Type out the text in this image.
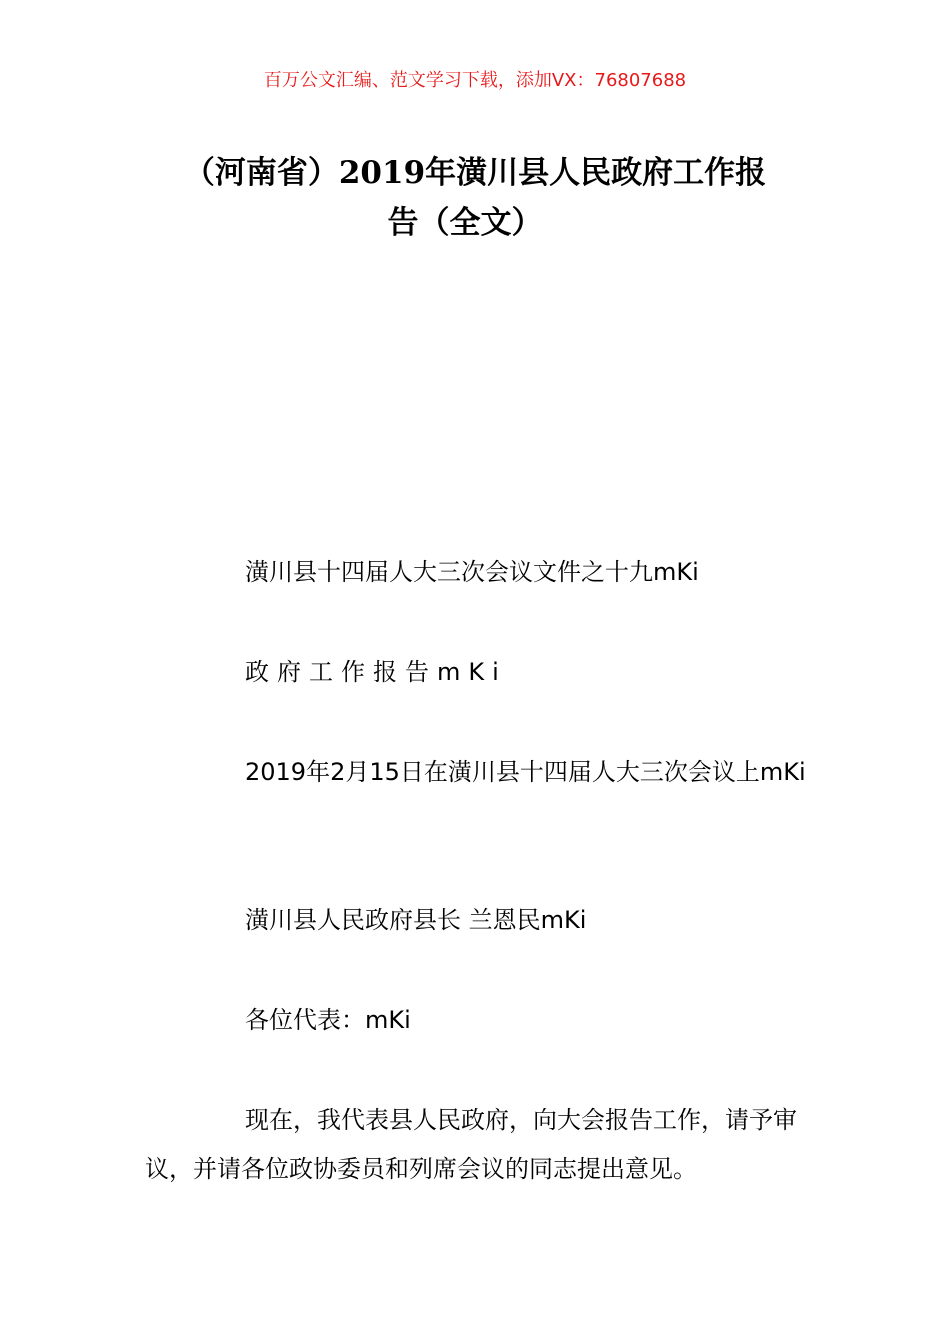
百万公文汇编、范文学习下载，添加VX：76807688
（河南省）2019年潢川县人民政府工作报
告（全文）

潢川县十四届人大三次会议文件之十九mKi

政府工作报告mKi

2019年2月15日在潢川县十四届人大三次会议上mKi

潢川县人民政府县长 兰恩民mKi

各位代表：mKi

现在，我代表县人民政府，向大会报告工作，请予审议，并请各位政协委员和列席会议的同志提出意见。
